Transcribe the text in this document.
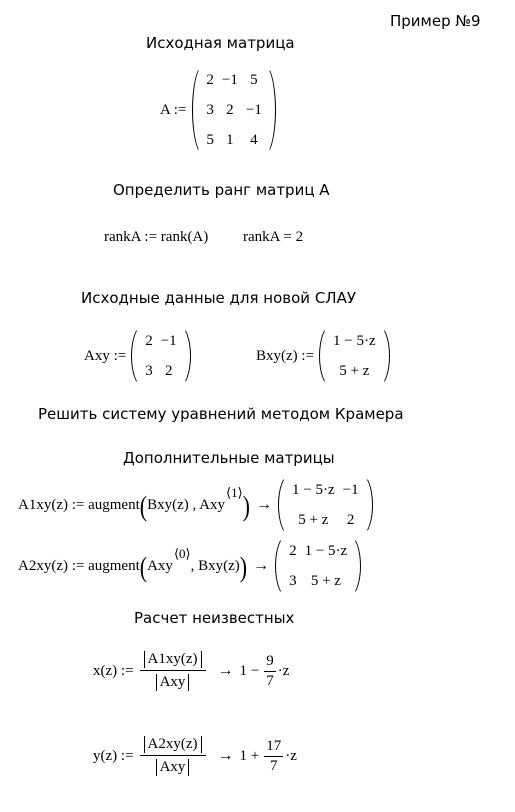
Пример №9
Исходная матрица
A :=
2	−1	5
3	2	−1
5	1	4
Определить ранг матриц А
rankA := rank(A) rankA = 2
Исходные данные для новой СЛАУ
Axy :=
2	−1
3	2
Bxy(z) :=
1 − 5·z
5 + z
Решить систему уравнений методом Крамера
Дополнительные матрицы
A1xy(z) := augment ( Bxy(z) , Axy
⟨1⟩ ) →
1 − 5·z	−1
5 + z	2
A2xy(z) := augment ( Axy
⟨0⟩
, Bxy(z) ) →
2	1 − 5·z
3	5 + z
Расчет неизвестных
x(z) := $\frac{A1xy(z)}{\text{Axy}} \to 1 - \frac{9}{7} \cdot z$
y(z) := $\frac{A2xy(z)}{\text{Axy}} \to 1 + \frac{17}{7} \cdot z$
